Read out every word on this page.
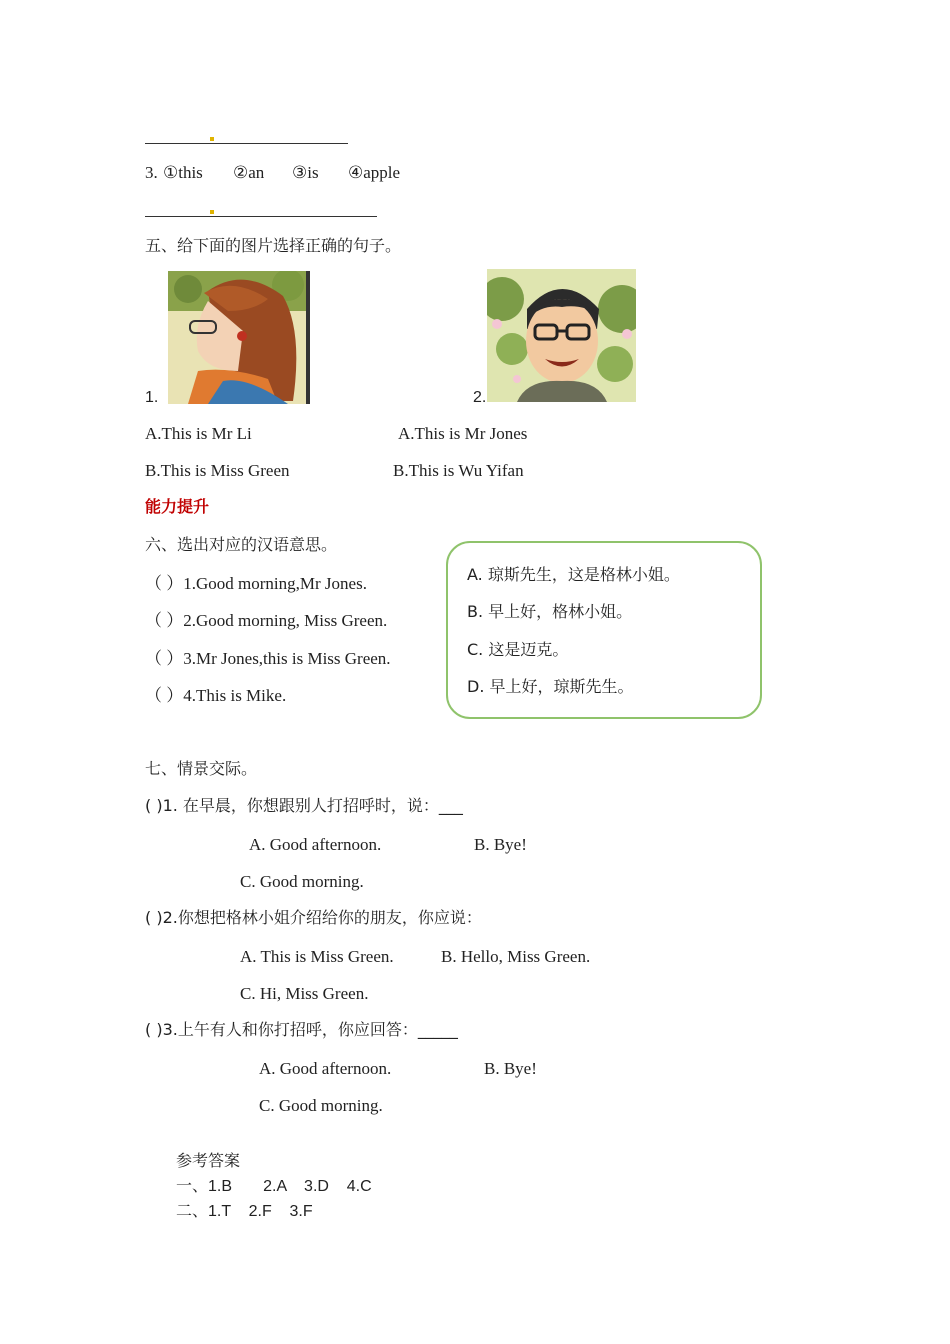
3. ①this ②an ③is ④apple
五、给下面的图片选择正确的句子。
1.	2.
A.This is Mr Li	A.This is Mr Jones
B.This is Miss Green	B.This is Wu Yifan
能力提升
六、选出对应的汉语意思。
（ ）1.Good morning,Mr Jones.
（ ）2.Good morning, Miss Green.
（ ）3.Mr Jones,this is Miss Green.
（ ）4.This is Mike.
A. 琼斯先生，这是格林小姐。
B. 早上好，格林小姐。
C. 这是迈克。
D. 早上好，琼斯先生。
七、情景交际。
( )1. 在早晨，你想跟别人打招呼时，说：___
A. Good afternoon.	B. Bye!
C. Good morning.
( )2.你想把格林小姐介绍给你的朋友，你应说：
A. This is Miss Green.	B. Hello, Miss Green.
C. Hi, Miss Green.
( )3.上午有人和你打招呼，你应回答：_____
A. Good afternoon.	B. Bye!
C. Good morning.
参考答案
一、1.B       2.A    3.D    4.C
二、1.T    2.F    3.F
